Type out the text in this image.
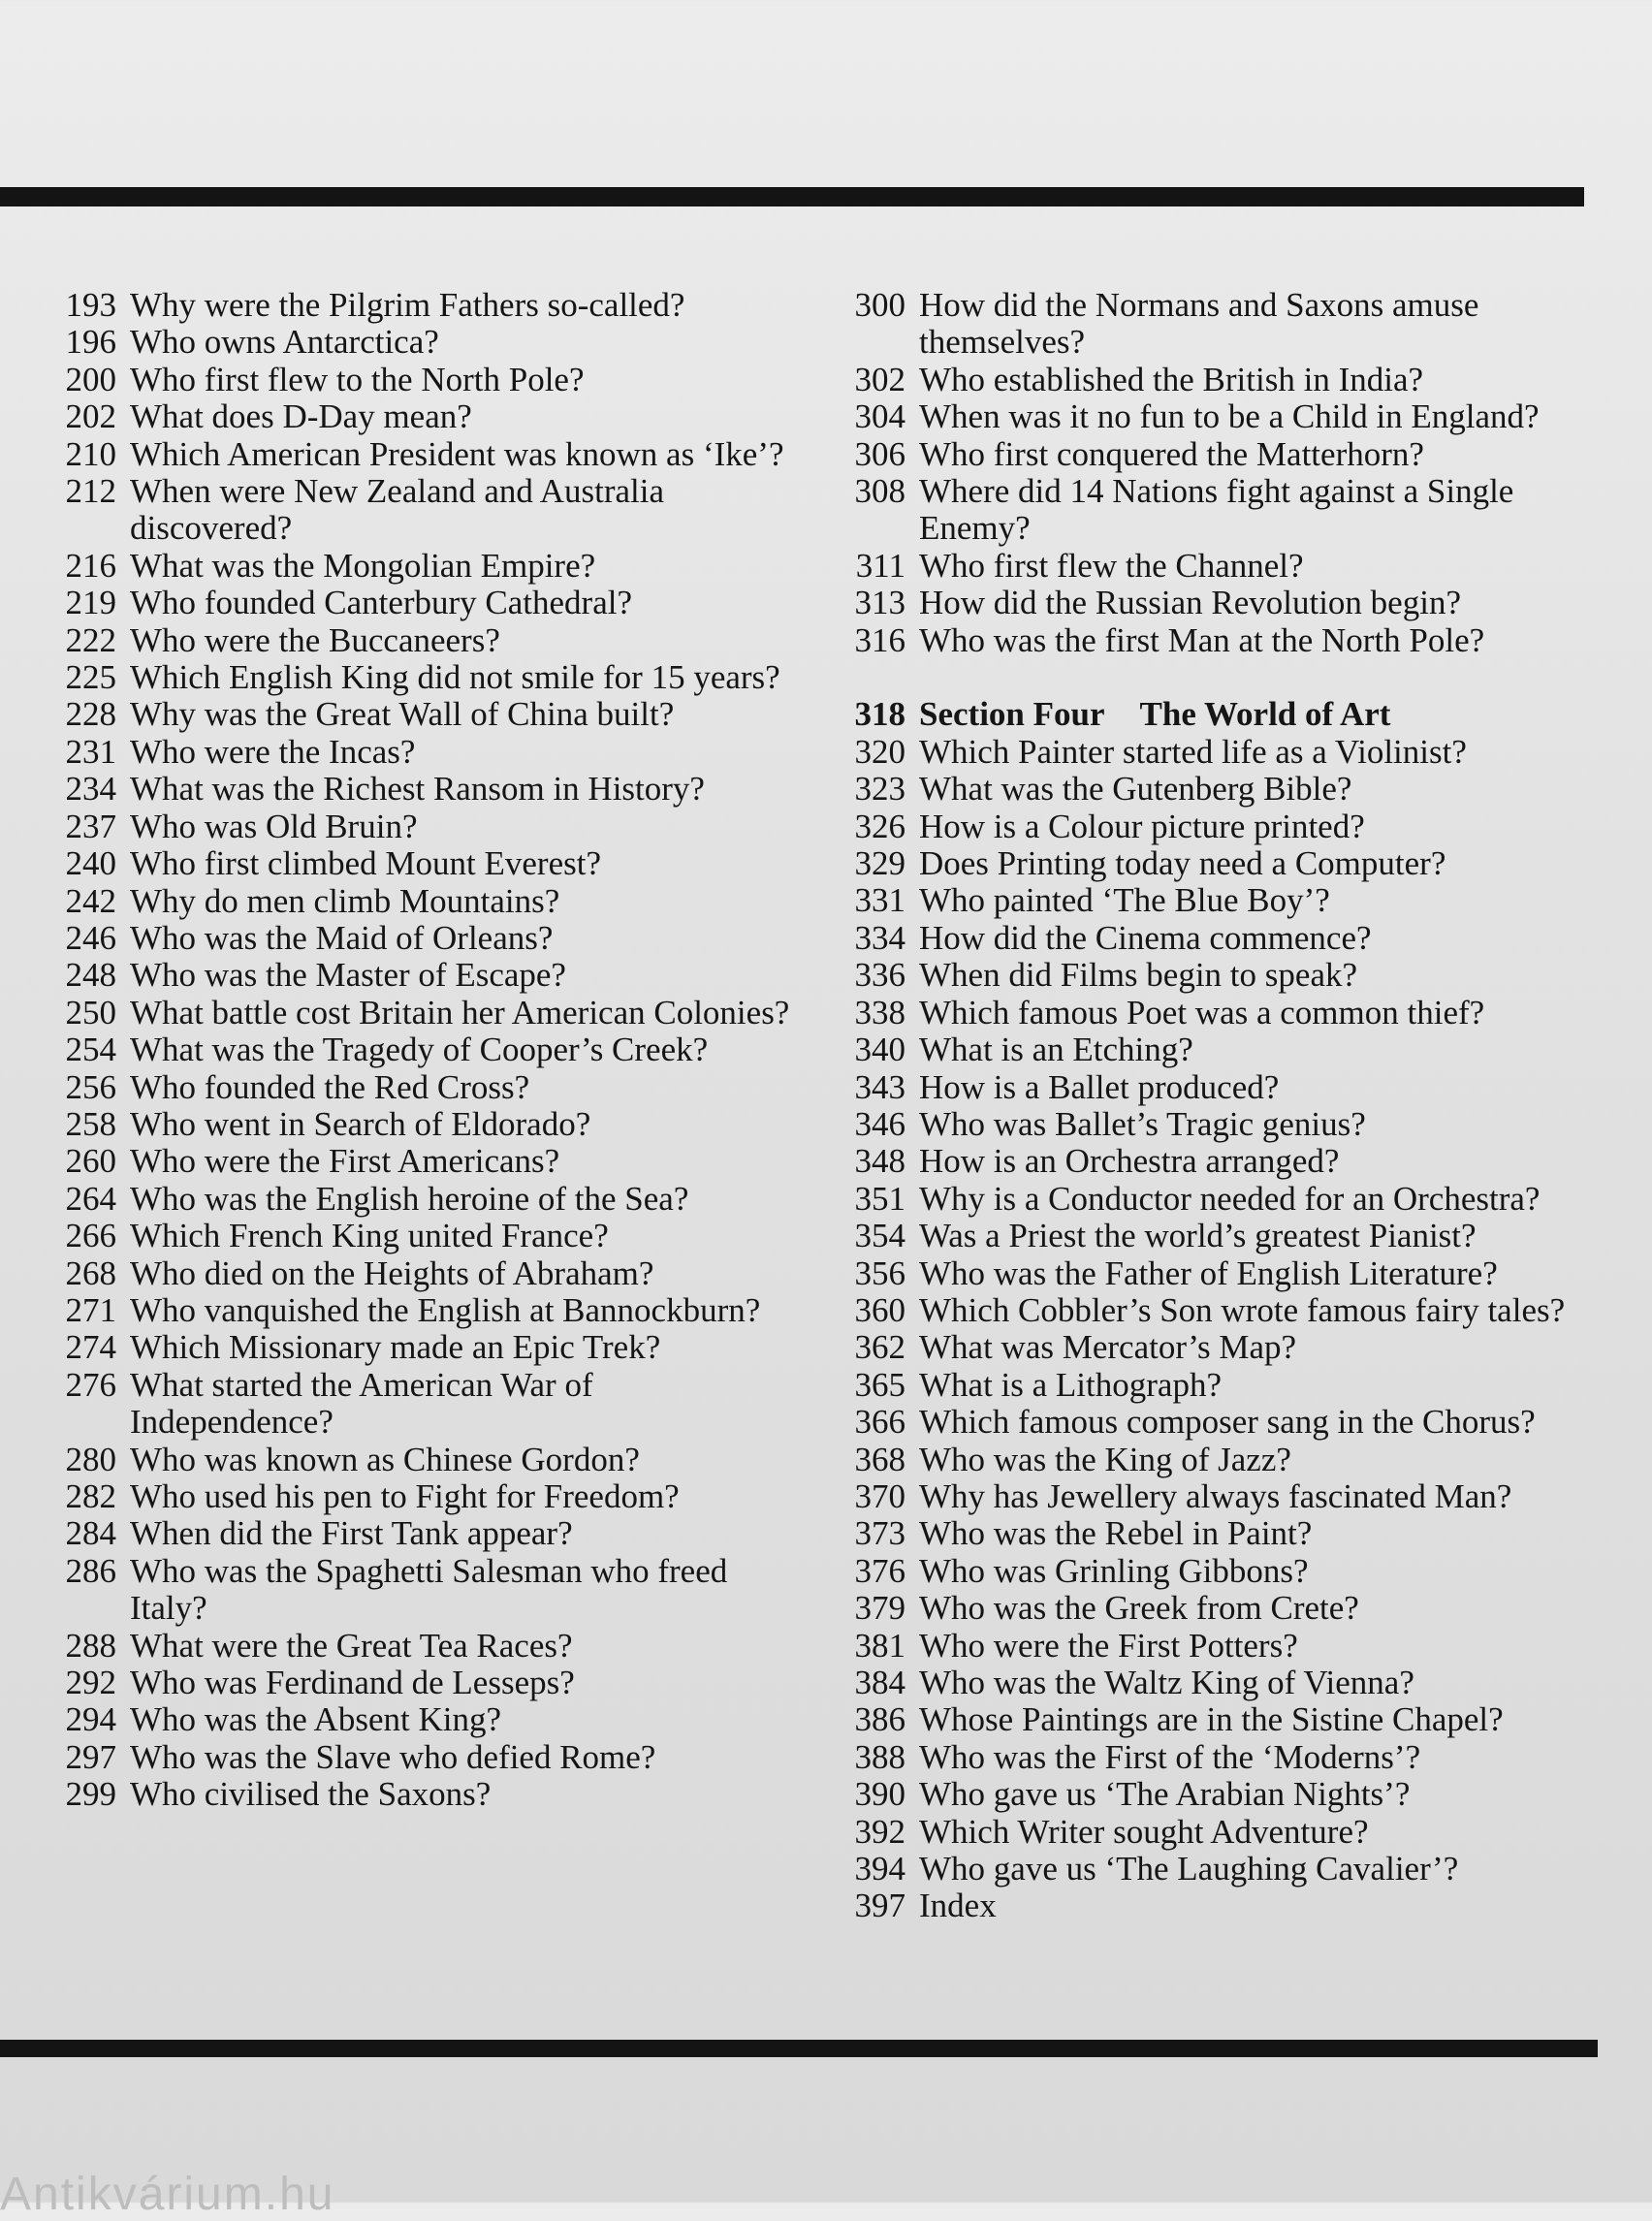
193 Why were the Pilgrim Fathers so-called?
196 Who owns Antarctica?
200 Who first flew to the North Pole?
202 What does D-Day mean?
210 Which American President was known as ‘Ike’?
212 When were New Zealand and Australia discovered?
216 What was the Mongolian Empire?
219 Who founded Canterbury Cathedral?
222 Who were the Buccaneers?
225 Which English King did not smile for 15 years?
228 Why was the Great Wall of China built?
231 Who were the Incas?
234 What was the Richest Ransom in History?
237 Who was Old Bruin?
240 Who first climbed Mount Everest?
242 Why do men climb Mountains?
246 Who was the Maid of Orleans?
248 Who was the Master of Escape?
250 What battle cost Britain her American Colonies?
254 What was the Tragedy of Cooper’s Creek?
256 Who founded the Red Cross?
258 Who went in Search of Eldorado?
260 Who were the First Americans?
264 Who was the English heroine of the Sea?
266 Which French King united France?
268 Who died on the Heights of Abraham?
271 Who vanquished the English at Bannockburn?
274 Which Missionary made an Epic Trek?
276 What started the American War of Independence?
280 Who was known as Chinese Gordon?
282 Who used his pen to Fight for Freedom?
284 When did the First Tank appear?
286 Who was the Spaghetti Salesman who freed Italy?
288 What were the Great Tea Races?
292 Who was Ferdinand de Lesseps?
294 Who was the Absent King?
297 Who was the Slave who defied Rome?
299 Who civilised the Saxons?
300 How did the Normans and Saxons amuse themselves?
302 Who established the British in India?
304 When was it no fun to be a Child in England?
306 Who first conquered the Matterhorn?
308 Where did 14 Nations fight against a Single Enemy?
311 Who first flew the Channel?
313 How did the Russian Revolution begin?
316 Who was the first Man at the North Pole?
318 Section Four The World of Art
320 Which Painter started life as a Violinist?
323 What was the Gutenberg Bible?
326 How is a Colour picture printed?
329 Does Printing today need a Computer?
331 Who painted ‘The Blue Boy’?
334 How did the Cinema commence?
336 When did Films begin to speak?
338 Which famous Poet was a common thief?
340 What is an Etching?
343 How is a Ballet produced?
346 Who was Ballet’s Tragic genius?
348 How is an Orchestra arranged?
351 Why is a Conductor needed for an Orchestra?
354 Was a Priest the world’s greatest Pianist?
356 Who was the Father of English Literature?
360 Which Cobbler’s Son wrote famous fairy tales?
362 What was Mercator’s Map?
365 What is a Lithograph?
366 Which famous composer sang in the Chorus?
368 Who was the King of Jazz?
370 Why has Jewellery always fascinated Man?
373 Who was the Rebel in Paint?
376 Who was Grinling Gibbons?
379 Who was the Greek from Crete?
381 Who were the First Potters?
384 Who was the Waltz King of Vienna?
386 Whose Paintings are in the Sistine Chapel?
388 Who was the First of the ‘Moderns’?
390 Who gave us ‘The Arabian Nights’?
392 Which Writer sought Adventure?
394 Who gave us ‘The Laughing Cavalier’?
397 Index
Antikvárium.hu
